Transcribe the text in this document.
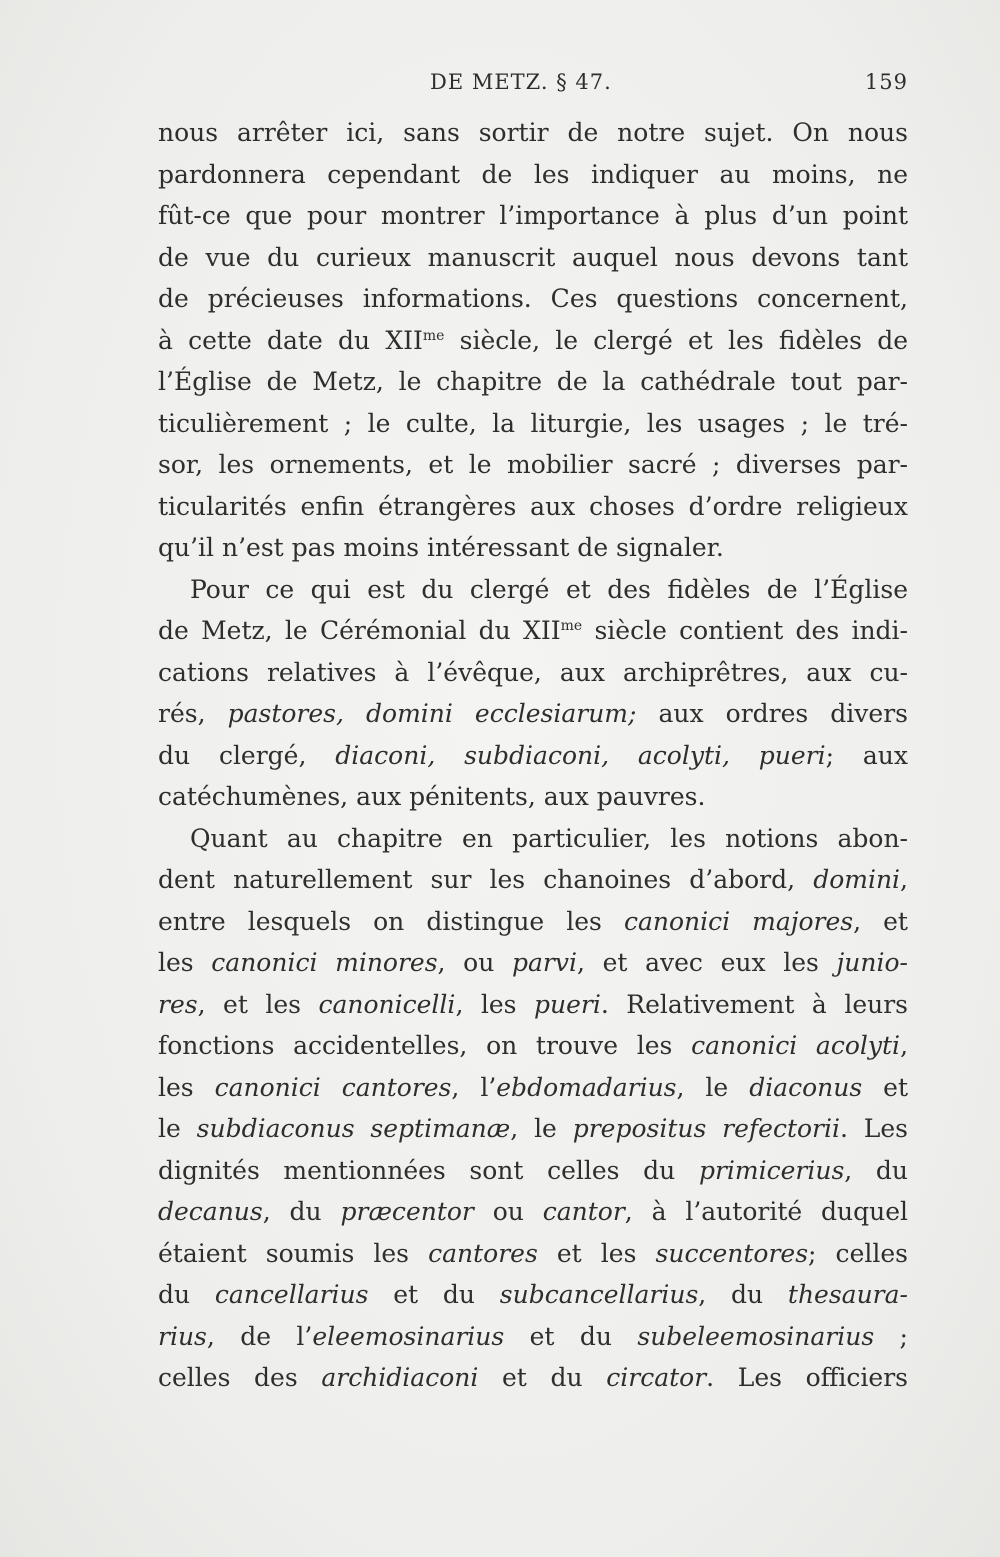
DE METZ. § 47.	159
nous arrêter ici, sans sortir de notre sujet. On nous
pardonnera cependant de les indiquer au moins, ne
fût-ce que pour montrer l’importance à plus d’un point
de vue du curieux manuscrit auquel nous devons tant
de précieuses informations. Ces questions concernent,
à cette date du $XII^{me}$ siècle, le clergé et les fidèles de
l’Église de Metz, le chapitre de la cathédrale tout par-
ticulièrement ; le culte, la liturgie, les usages ; le tré-
sor, les ornements, et le mobilier sacré ; diverses par-
ticularités enfin étrangères aux choses d’ordre religieux
qu’il n’est pas moins intéressant de signaler.
Pour ce qui est du clergé et des fidèles de l’Église
de Metz, le Cérémonial du $XII^{me}$ siècle contient des indi-
cations relatives à l’évêque, aux archiprêtres, aux cu-
rés, pastores, domini ecclesiarum; aux ordres divers
du clergé, diaconi, subdiaconi, acolyti, pueri; aux
catéchumènes, aux pénitents, aux pauvres.
Quant au chapitre en particulier, les notions abon-
dent naturellement sur les chanoines d’abord, domini,
entre lesquels on distingue les canonici majores, et
les canonici minores, ou parvi, et avec eux les junio-
res, et les canonicelli, les pueri. Relativement à leurs
fonctions accidentelles, on trouve les canonici acolyti,
les canonici cantores, l’ebdomadarius, le diaconus et
le subdiaconus septimanæ, le prepositus refectorii. Les
dignités mentionnées sont celles du primicerius, du
decanus, du præcentor ou cantor, à l’autorité duquel
étaient soumis les cantores et les succentores; celles
du cancellarius et du subcancellarius, du thesaura-
rius, de l’eleemosinarius et du subeleemosinarius ;
celles des archidiaconi et du circator. Les officiers
